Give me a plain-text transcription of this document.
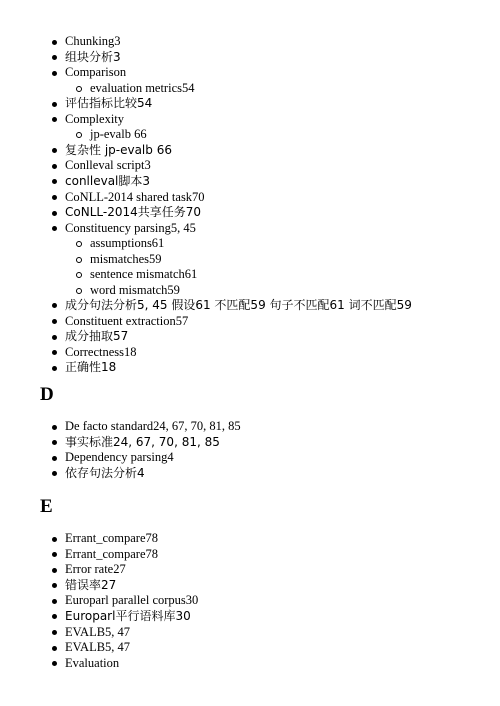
Chunking3
组块分析3
Comparison
evaluation metrics54
评估指标比较54
Complexity
jp-evalb 66
复杂性 jp-evalb 66
Conlleval script3
conlleval脚本3
CoNLL-2014 shared task70
CoNLL-2014共享任务70
Constituency parsing5, 45
assumptions61
mismatches59
sentence mismatch61
word mismatch59
成分句法分析5, 45 假设61 不匹配59 句子不匹配61 词不匹配59
Constituent extraction57
成分抽取57
Correctness18
正确性18
D
De facto standard24, 67, 70, 81, 85
事实标准24, 67, 70, 81, 85
Dependency parsing4
依存句法分析4
E
Errant_compare78
Errant_compare78
Error rate27
错误率27
Europarl parallel corpus30
Europarl平行语料库30
EVALB5, 47
EVALB5, 47
Evaluation
